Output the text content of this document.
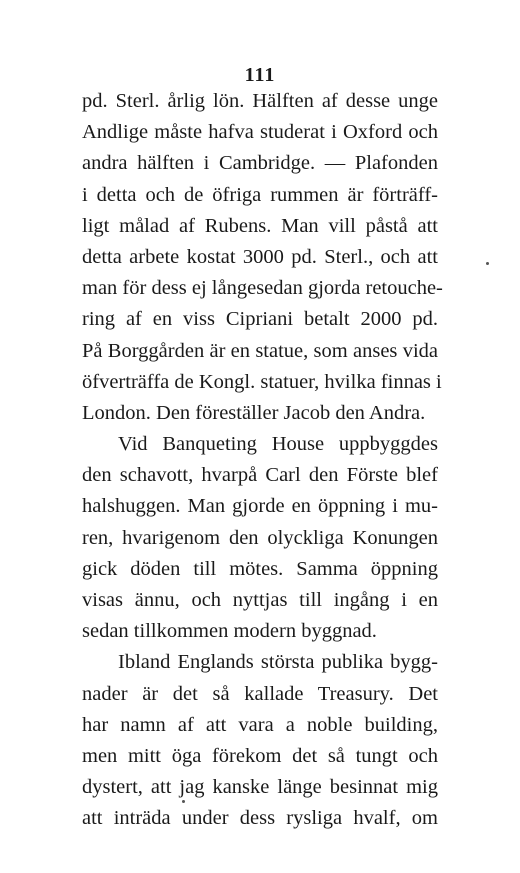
111
pd. Sterl. årlig lön. Hälften af desse unge
Andlige måste hafva studerat i Oxford och
andra hälften i Cambridge. — Plafonden
i detta och de öfriga rummen är förträff-
ligt målad af Rubens. Man vill påstå att
detta arbete kostat 3000 pd. Sterl., och att
man för dess ej långesedan gjorda retouche-
ring af en viss Cipriani betalt 2000 pd.
På Borggården är en statue, som anses vida
öfverträffa de Kongl. statuer, hvilka finnas i
London. Den föreställer Jacob den Andra.
Vid Banqueting House uppbyggdes
den schavott, hvarpå Carl den Förste blef
halshuggen. Man gjorde en öppning i mu-
ren, hvarigenom den olyckliga Konungen
gick döden till mötes. Samma öppning
visas ännu, och nyttjas till ingång i en
sedan tillkommen modern byggnad.
Ibland Englands största publika bygg-
nader är det så kallade Treasury. Det
har namn af att vara a noble building,
men mitt öga förekom det så tungt och
dystert, att jag kanske länge besinnat mig
att inträda under dess rysliga hvalf, om
